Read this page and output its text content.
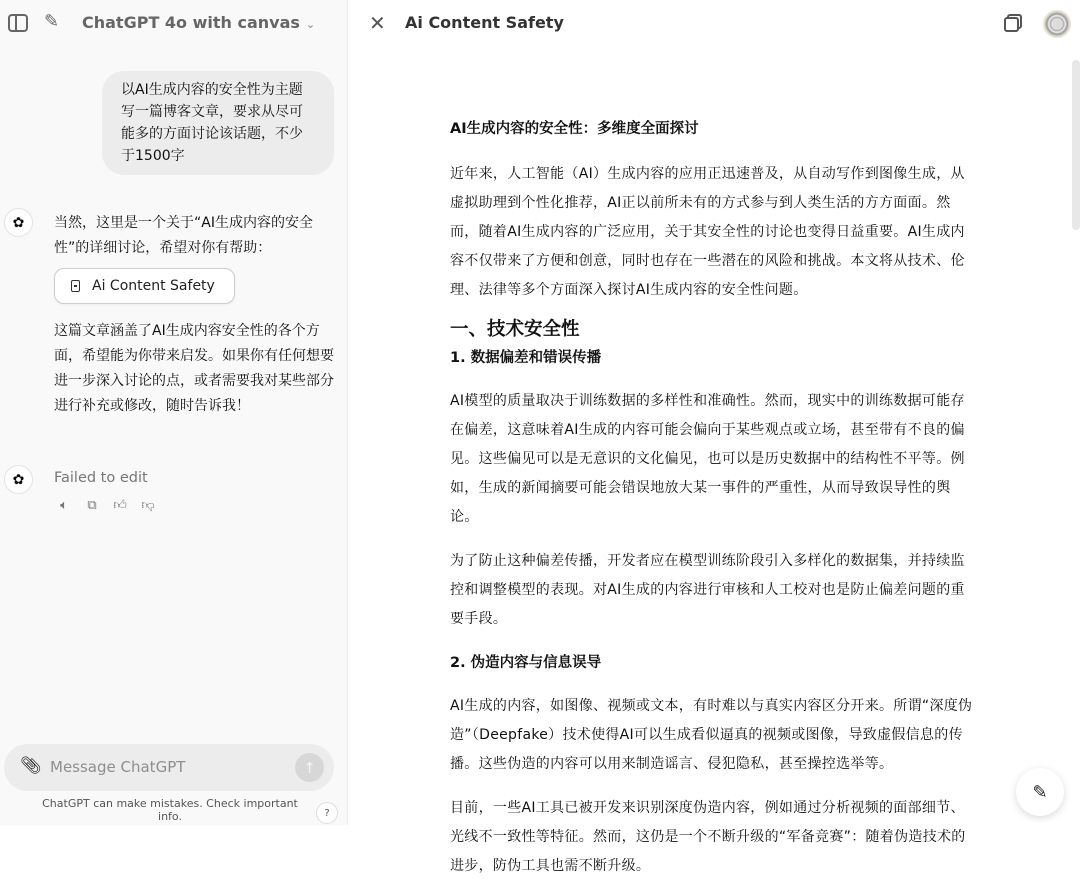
✎ ChatGPT 4o with canvas ⌄
以AI生成内容的安全性为主题写一篇博客文章，要求从尽可能多的方面讨论该话题，不少于1500字
✿ 当然，这里是一个关于“AI生成内容的安全性”的详细讨论，希望对你有帮助：
Ai Content Safety
这篇文章涵盖了AI生成内容安全性的各个方面，希望能为你带来启发。如果你有任何想要进一步深入讨论的点，或者需要我对某些部分进行补充或修改，随时告诉我！
✿ Failed to edit
🔈︎	⧉ 👍︎ 👎︎
📎︎
Message ChatGPT	↑
ChatGPT can make mistakes. Check important info.	?
✕ Ai Content Safety
AI生成内容的安全性：多维度全面探讨

近年来，人工智能（AI）生成内容的应用正迅速普及，从自动写作到图像生成，从虚拟助理到个性化推荐，AI正以前所未有的方式参与到人类生活的方方面面。然而，随着AI生成内容的广泛应用，关于其安全性的讨论也变得日益重要。AI生成内容不仅带来了方便和创意，同时也存在一些潜在的风险和挑战。本文将从技术、伦理、法律等多个方面深入探讨AI生成内容的安全性问题。

一、技术安全性
1. 数据偏差和错误传播

AI模型的质量取决于训练数据的多样性和准确性。然而，现实中的训练数据可能存在偏差，这意味着AI生成的内容可能会偏向于某些观点或立场，甚至带有不良的偏见。这些偏见可以是无意识的文化偏见，也可以是历史数据中的结构性不平等。例如，生成的新闻摘要可能会错误地放大某一事件的严重性，从而导致误导性的舆论。

为了防止这种偏差传播，开发者应在模型训练阶段引入多样化的数据集，并持续监控和调整模型的表现。对AI生成的内容进行审核和人工校对也是防止偏差问题的重要手段。

2. 伪造内容与信息误导

AI生成的内容，如图像、视频或文本，有时难以与真实内容区分开来。所谓“深度伪造”（Deepfake）技术使得AI可以生成看似逼真的视频或图像，导致虚假信息的传播。这些伪造的内容可以用来制造谣言、侵犯隐私，甚至操控选举等。

目前，一些AI工具已被开发来识别深度伪造内容，例如通过分析视频的面部细节、光线不一致性等特征。然而，这仍是一个不断升级的“军备竞赛”：随着伪造技术的进步，防伪工具也需不断升级。

✎
